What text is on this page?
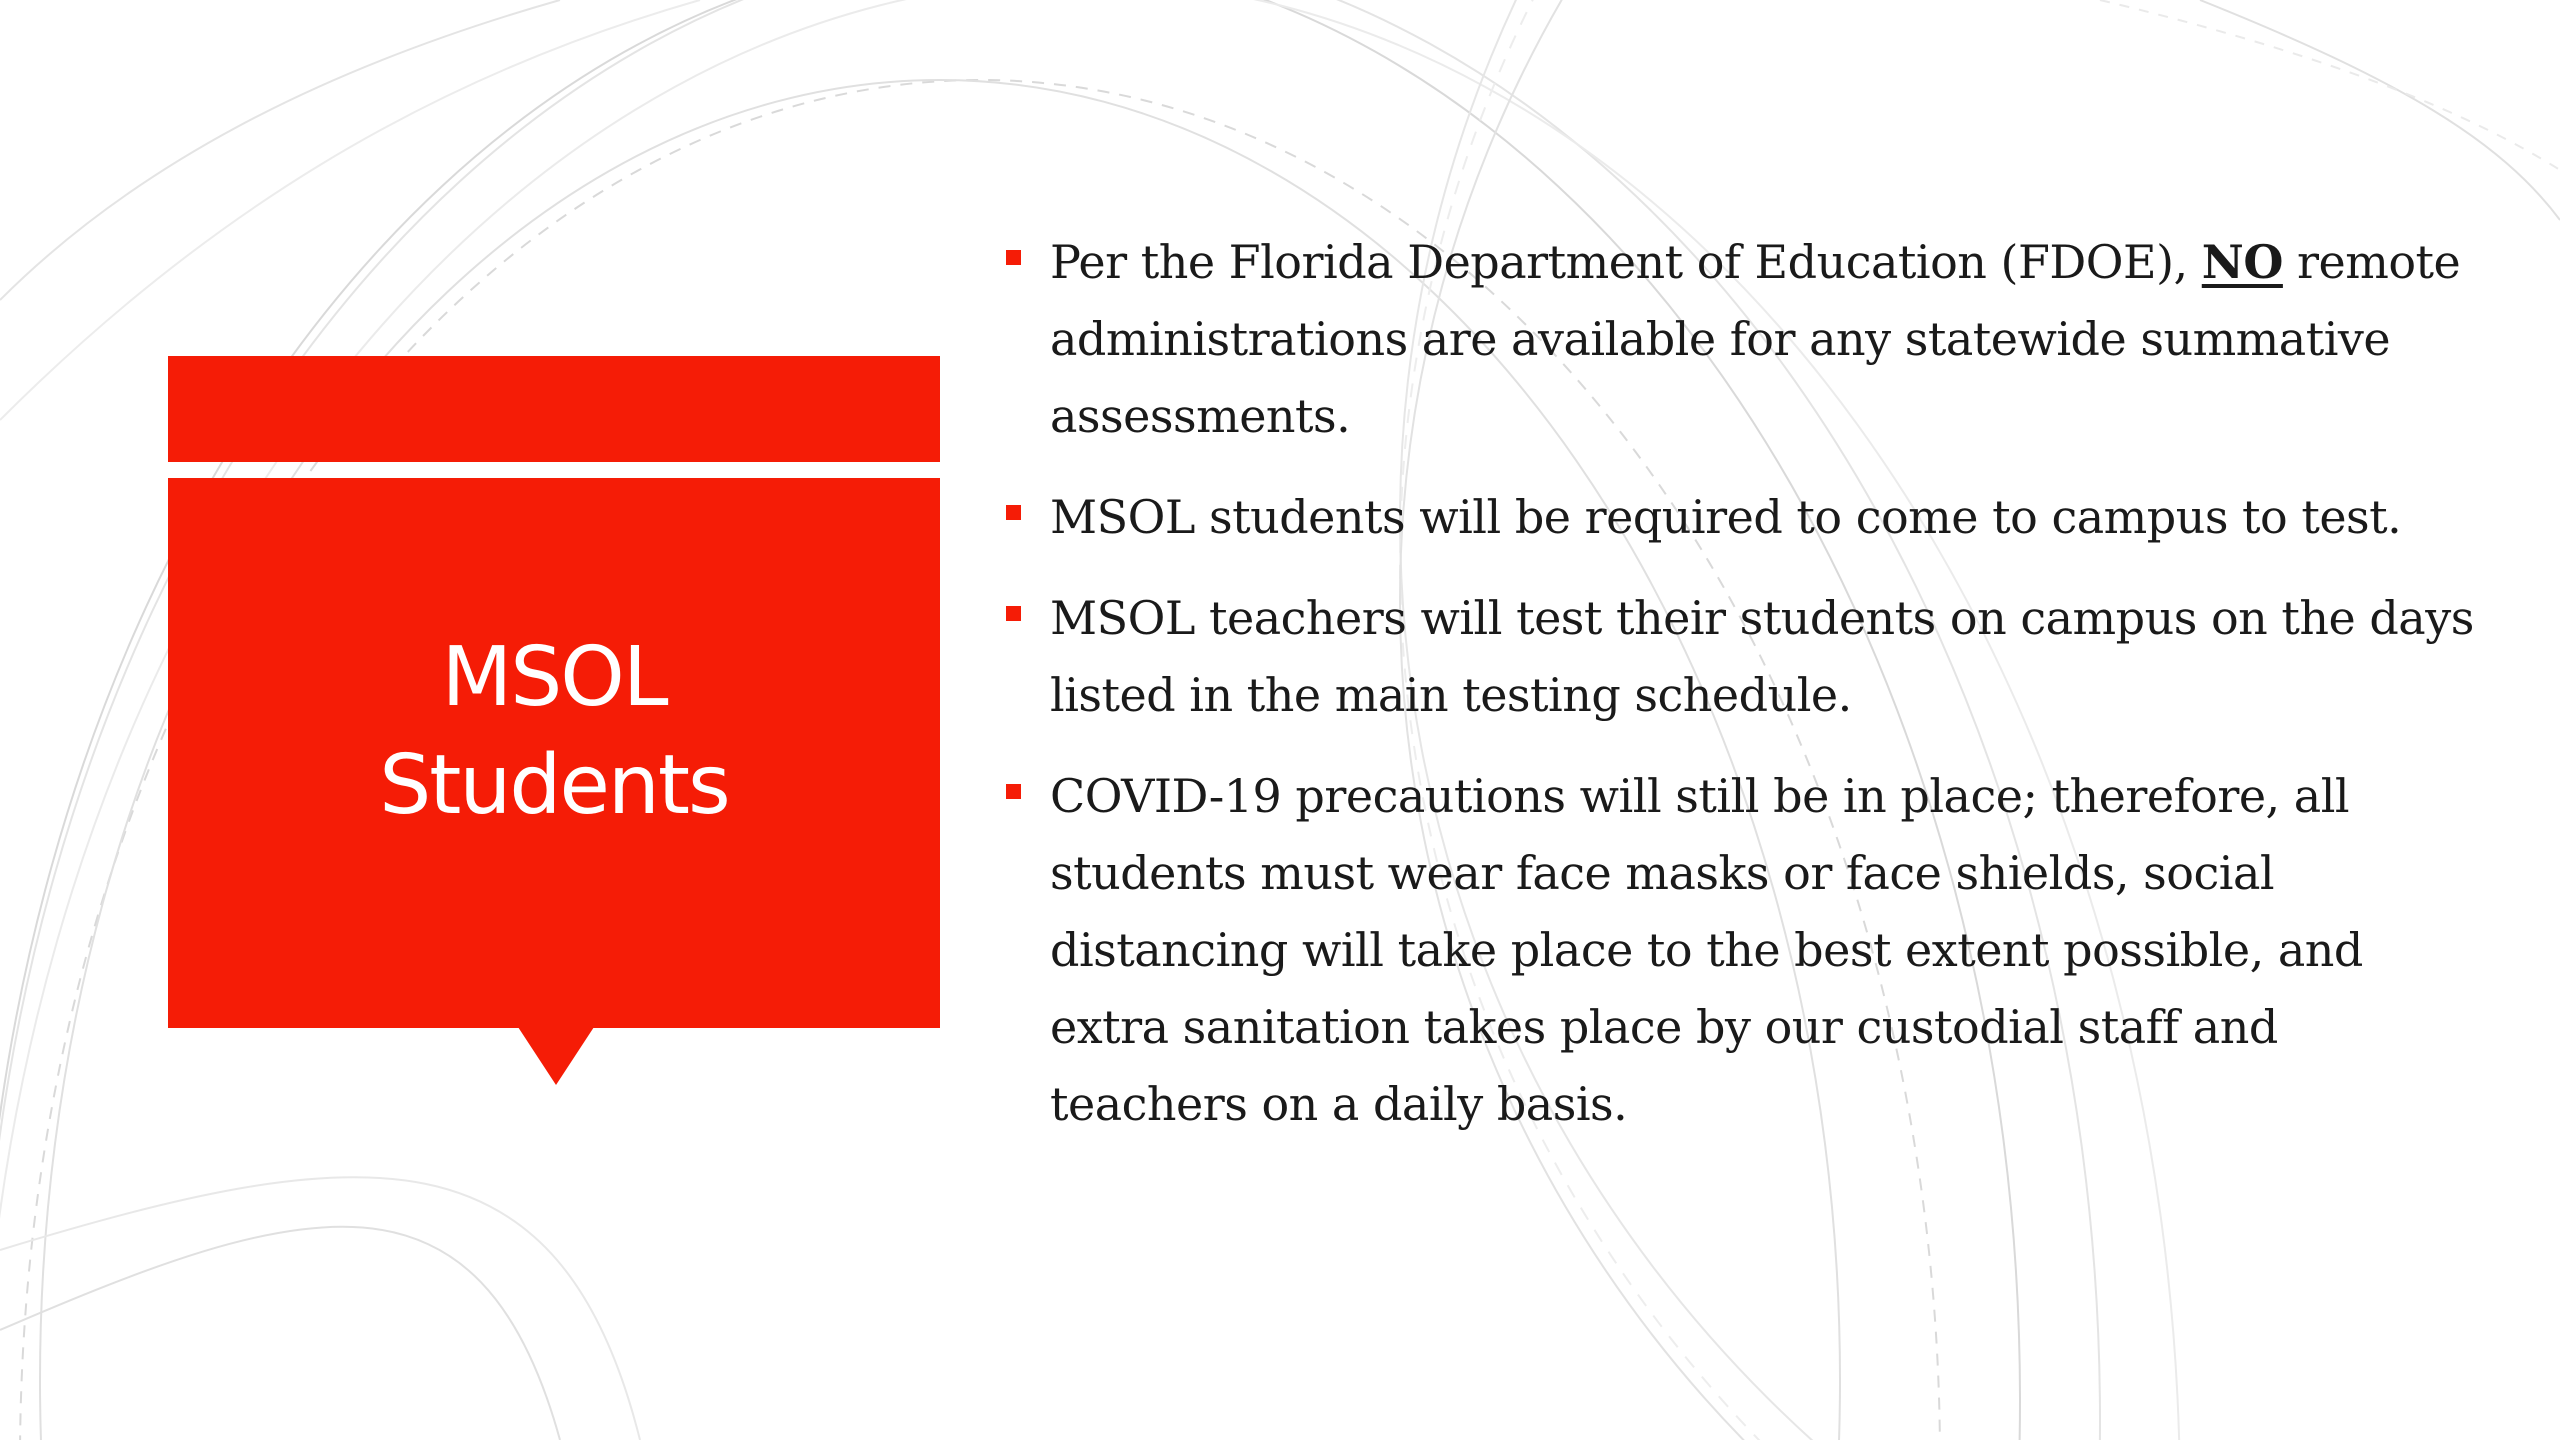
MSOL
Students
Per the Florida Department of Education (FDOE), NO remote administrations are available for any statewide summative assessments.
MSOL students will be required to come to campus to test.
MSOL teachers will test their students on campus on the days listed in the main testing schedule.
COVID-19 precautions will still be in place; therefore, all students must wear face masks or face shields, social distancing will take place to the best extent possible, and extra sanitation takes place by our custodial staff and teachers on a daily basis.
